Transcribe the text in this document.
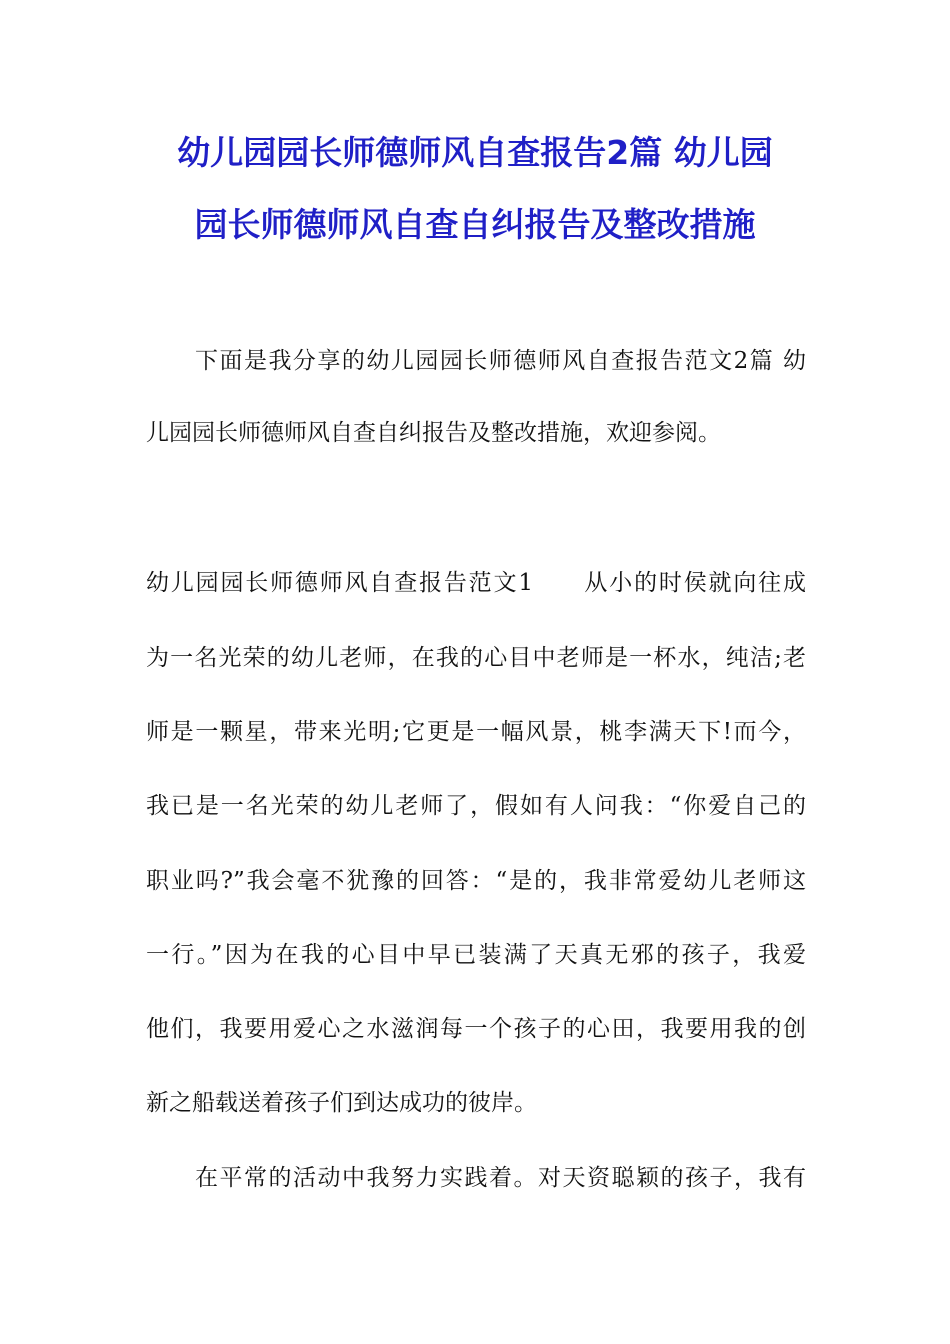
幼儿园园长师德师风自查报告2篇 幼儿园
园长师德师风自查自纠报告及整改措施
下面是我分享的幼儿园园长师德师风自查报告范文2篇 幼
儿园园长师德师风自查自纠报告及整改措施，欢迎参阅。
幼儿园园长师德师风自查报告范文1　　从小的时侯就向往成
为一名光荣的幼儿老师，在我的心目中老师是一杯水，纯洁;老
师是一颗星，带来光明;它更是一幅风景，桃李满天下!而今，
我已是一名光荣的幼儿老师了，假如有人问我：“你爱自己的
职业吗?”我会毫不犹豫的回答：“是的，我非常爱幼儿老师这
一行。”因为在我的心目中早已装满了天真无邪的孩子，我爱
他们，我要用爱心之水滋润每一个孩子的心田，我要用我的创
新之船载送着孩子们到达成功的彼岸。
在平常的活动中我努力实践着。对天资聪颖的孩子，我有
